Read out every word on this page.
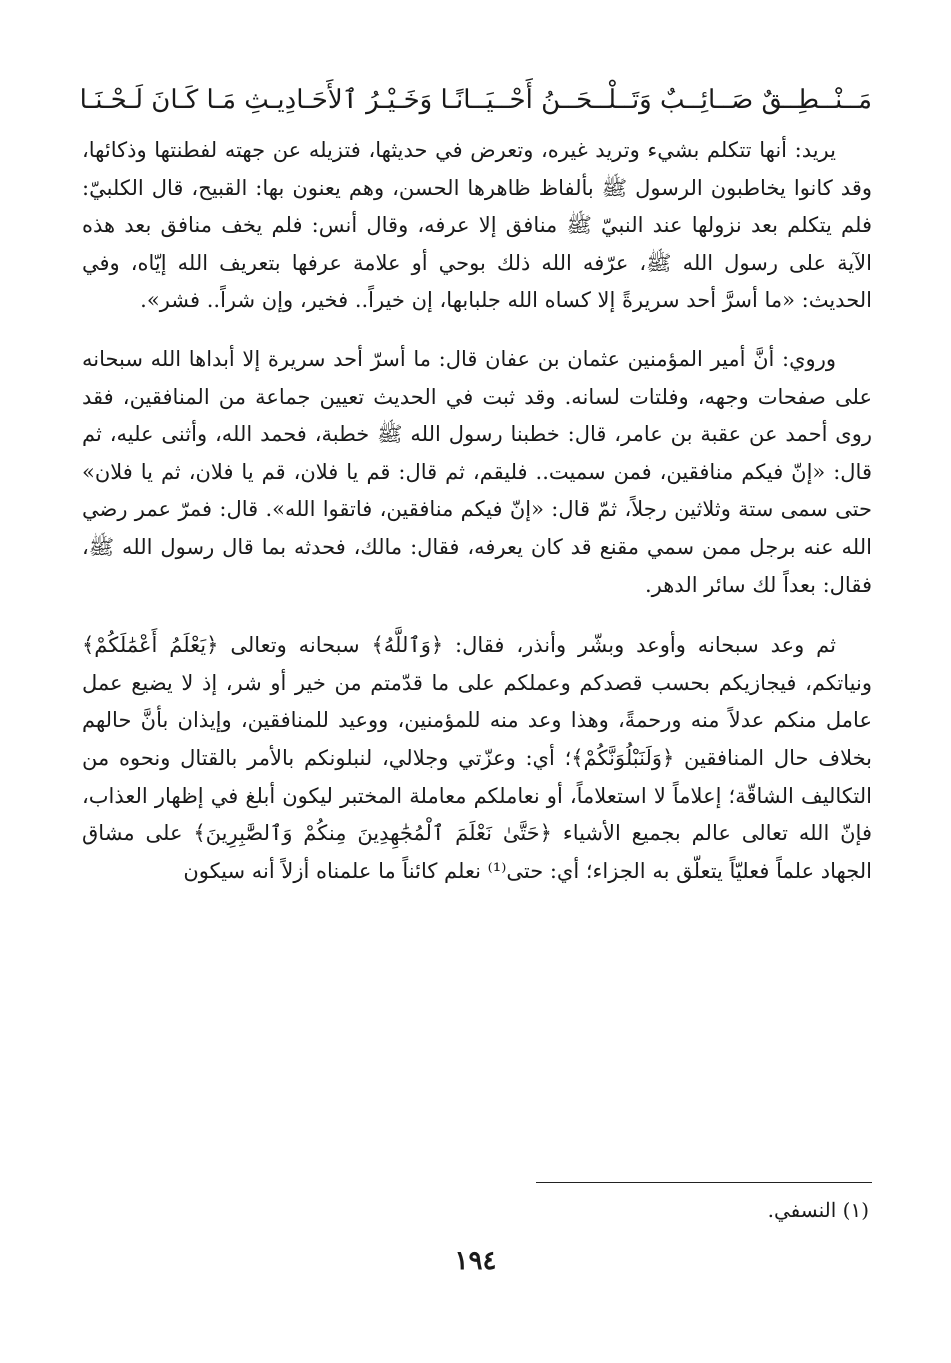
مَــنْــطِــقٌ صَــائِــبٌ وَتَــلْــحَــنُ أَحْــيَــا
نًـا وَخَـيْـرُ ٱلأَحَـادِيـثِ مَـا كَـانَ لَـحْـنَـا

يريد: أنها تتكلم بشيء وتريد غيره، وتعرض في حديثها، فتزيله عن جهته لفطنتها وذكائها، وقد كانوا يخاطبون الرسول ﷺ بألفاظ ظاهرها الحسن، وهم يعنون بها: القبيح، قال الكلبيّ: فلم يتكلم بعد نزولها عند النبيّ ﷺ منافق إلا عرفه، وقال أنس: فلم يخف منافق بعد هذه الآية على رسول الله ﷺ، عرّفه الله ذلك بوحي أو علامة عرفها بتعريف الله إيّاه، وفي الحديث: «ما أسرَّ أحد سريرةً إلا كساه الله جلبابها، إن خيراً.. فخير، وإن شراً.. فشر».

وروي: أنَّ أمير المؤمنين عثمان بن عفان قال: ما أسرّ أحد سريرة إلا أبداها الله سبحانه على صفحات وجهه، وفلتات لسانه. وقد ثبت في الحديث تعيين جماعة من المنافقين، فقد روى أحمد عن عقبة بن عامر، قال: خطبنا رسول الله ﷺ خطبة، فحمد الله، وأثنى عليه، ثم قال: «إنّ فيكم منافقين، فمن سميت.. فليقم، ثم قال: قم يا فلان، قم يا فلان، ثم يا فلان» حتى سمى ستة وثلاثين رجلاً، ثمّ قال: «إنّ فيكم منافقين، فاتقوا الله». قال: فمرّ عمر رضي الله عنه برجل ممن سمي مقنع قد كان يعرفه، فقال: مالك، فحدثه بما قال رسول الله ﷺ، فقال: بعداً لك سائر الدهر.

ثم وعد سبحانه وأوعد وبشّر وأنذر، فقال: ﴿وَٱللَّهُ﴾ سبحانه وتعالى ﴿يَعْلَمُ أَعْمَٰلَكُمْ﴾ ونياتكم، فيجازيكم بحسب قصدكم وعملكم على ما قدّمتم من خير أو شر، إذ لا يضيع عمل عامل منكم عدلاً منه ورحمةً، وهذا وعد منه للمؤمنين، ووعيد للمنافقين، وإيذان بأنَّ حالهم بخلاف حال المنافقين ﴿وَلَنَبْلُوَنَّكُمْ﴾؛ أي: وعزّتي وجلالي، لنبلونكم بالأمر بالقتال ونحوه من التكاليف الشاقّة؛ إعلاماً لا استعلاماً، أو نعاملكم معاملة المختبر ليكون أبلغ في إظهار العذاب، فإنّ الله تعالى عالم بجميع الأشياء ﴿حَتَّىٰ نَعْلَمَ ٱلْمُجَٰهِدِينَ مِنكُمْ وَٱلصَّٰبِرِينَ﴾ على مشاق الجهاد علماً فعليّاً يتعلّق به الجزاء؛ أي: حتى⁽¹⁾ نعلم كائناً ما علمناه أزلاً أنه سيكون

(١) النسفي.
١٩٤
